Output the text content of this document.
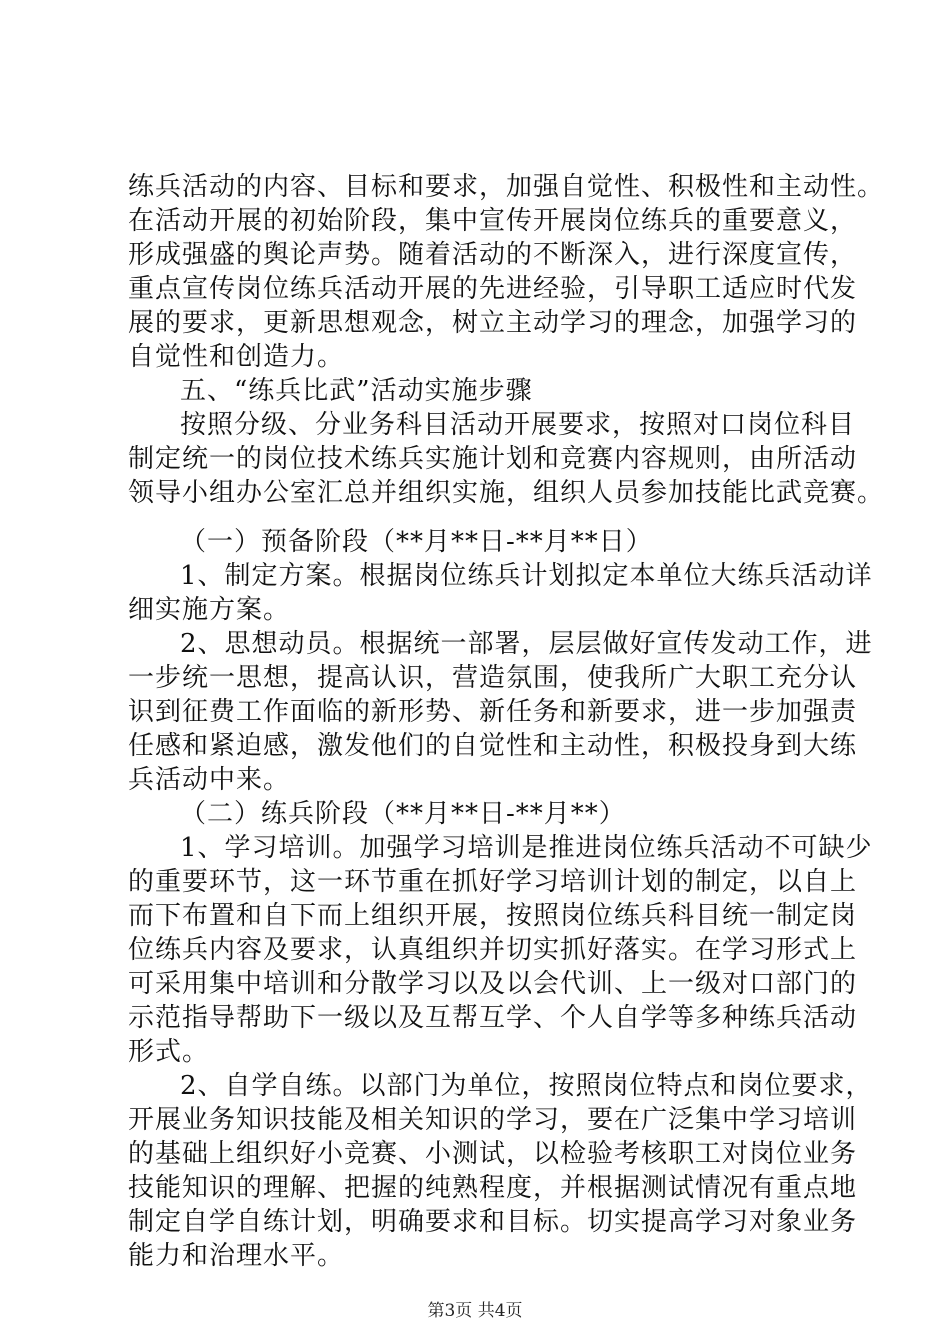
练兵活动的内容、目标和要求，加强自觉性、积极性和主动性。
在活动开展的初始阶段，集中宣传开展岗位练兵的重要意义，
形成强盛的舆论声势。随着活动的不断深入，进行深度宣传，
重点宣传岗位练兵活动开展的先进经验，引导职工适应时代发
展的要求，更新思想观念，树立主动学习的理念，加强学习的
自觉性和创造力。
五、“练兵比武”活动实施步骤
按照分级、分业务科目活动开展要求，按照对口岗位科目
制定统一的岗位技术练兵实施计划和竞赛内容规则，由所活动
领导小组办公室汇总并组织实施，组织人员参加技能比武竞赛。
（一）预备阶段（**月**日-**月**日）
1、制定方案。根据岗位练兵计划拟定本单位大练兵活动详
细实施方案。
2、思想动员。根据统一部署，层层做好宣传发动工作，进
一步统一思想，提高认识，营造氛围，使我所广大职工充分认
识到征费工作面临的新形势、新任务和新要求，进一步加强责
任感和紧迫感，激发他们的自觉性和主动性，积极投身到大练
兵活动中来。
（二）练兵阶段（**月**日-**月**）
1、学习培训。加强学习培训是推进岗位练兵活动不可缺少
的重要环节，这一环节重在抓好学习培训计划的制定，以自上
而下布置和自下而上组织开展，按照岗位练兵科目统一制定岗
位练兵内容及要求，认真组织并切实抓好落实。在学习形式上
可采用集中培训和分散学习以及以会代训、上一级对口部门的
示范指导帮助下一级以及互帮互学、个人自学等多种练兵活动
形式。
2、自学自练。以部门为单位，按照岗位特点和岗位要求，
开展业务知识技能及相关知识的学习，要在广泛集中学习培训
的基础上组织好小竞赛、小测试，以检验考核职工对岗位业务
技能知识的理解、把握的纯熟程度，并根据测试情况有重点地
制定自学自练计划，明确要求和目标。切实提高学习对象业务
能力和治理水平。
第3页 共4页
